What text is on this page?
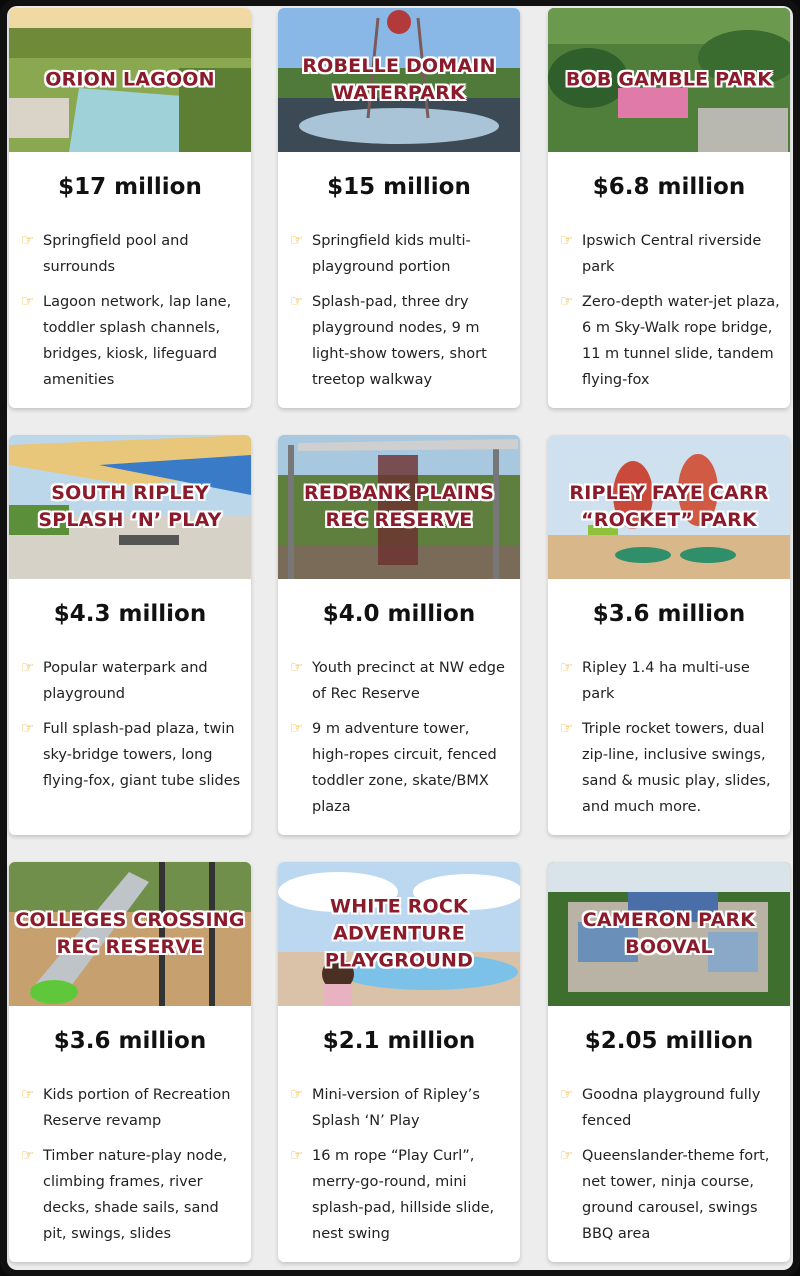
ORION LAGOON
$17 million
☞ Springfield pool and surrounds
☞ Lagoon network, lap lane, toddler splash channels, bridges, kiosk, lifeguard amenities
ROBELLE DOMAIN
WATERPARK
$15 million
☞ Springfield kids multi-playground portion
☞ Splash-pad, three dry playground nodes, 9 m light-show towers, short treetop walkway
BOB GAMBLE PARK
$6.8 million
☞ Ipswich Central riverside park
☞ Zero-depth water-jet plaza, 6 m Sky-Walk rope bridge, 11 m tunnel slide, tandem flying-fox
SOUTH RIPLEY
SPLASH ‘N’ PLAY
$4.3 million
☞ Popular waterpark and playground
☞ Full splash-pad plaza, twin sky-bridge towers, long flying-fox, giant tube slides
REDBANK PLAINS
REC RESERVE
$4.0 million
☞ Youth precinct at NW edge of Rec Reserve
☞ 9 m adventure tower, high-ropes circuit, fenced toddler zone, skate/BMX plaza
RIPLEY FAYE CARR
“ROCKET” PARK
$3.6 million
☞ Ripley 1.4 ha multi-use park
☞ Triple rocket towers, dual zip-line, inclusive swings, sand & music play, slides, and much more.
COLLEGES CROSSING
REC RESERVE
$3.6 million
☞ Kids portion of Recreation Reserve revamp
☞ Timber nature-play node, climbing frames, river decks, shade sails, sand pit, swings, slides
WHITE ROCK
ADVENTURE
PLAYGROUND
$2.1 million
☞ Mini-version of Ripley’s Splash ‘N’ Play
☞ 16 m rope “Play Curl”, merry-go-round, mini splash-pad, hillside slide, nest swing
CAMERON PARK
BOOVAL
$2.05 million
☞ Goodna playground fully fenced
☞ Queenslander-theme fort, net tower, ninja course, ground carousel, swings BBQ area
